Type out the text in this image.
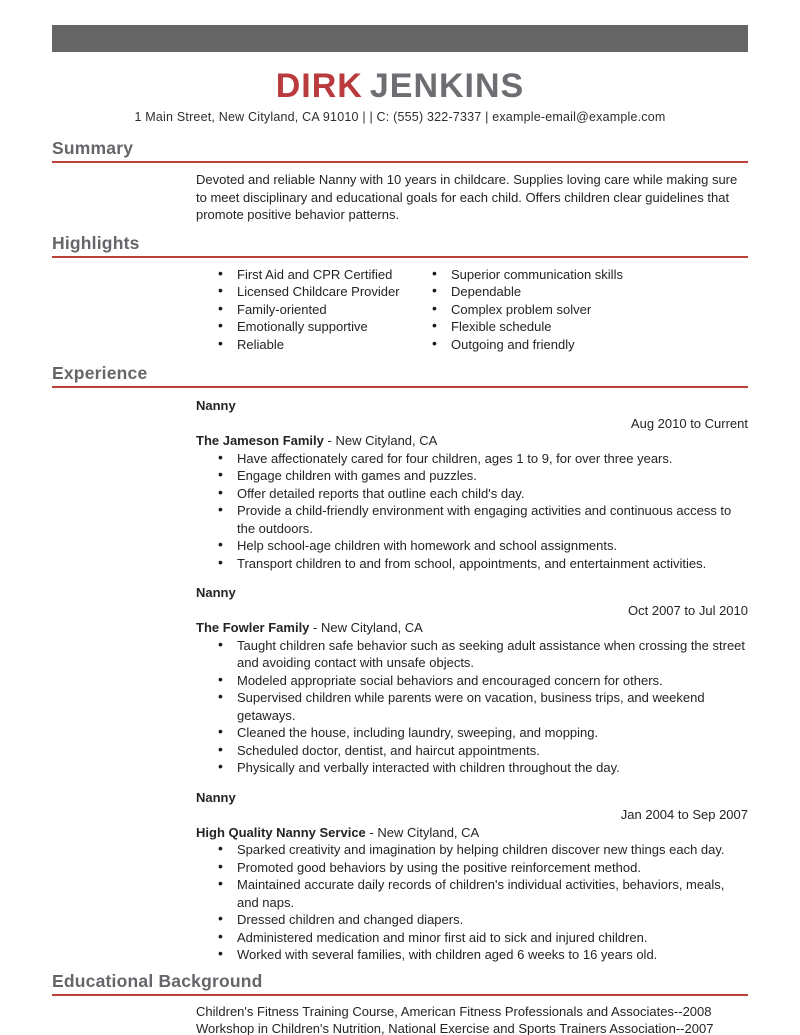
DIRK JENKINS
1 Main Street, New Cityland, CA 91010 | | C: (555) 322-7337 | example-email@example.com
Summary

Devoted and reliable Nanny with 10 years in childcare. Supplies loving care while making sure to meet disciplinary and educational goals for each child. Offers children clear guidelines that promote positive behavior patterns.

Highlights
• First Aid and CPR Certified
• Licensed Childcare Provider
• Family-oriented
• Emotionally supportive
• Reliable
• Superior communication skills
• Dependable
• Complex problem solver
• Flexible schedule
• Outgoing and friendly
Experience
Nanny
Aug 2010 to Current
The Jameson Family - New Cityland, CA
• Have affectionately cared for four children, ages 1 to 9, for over three years.
• Engage children with games and puzzles.
• Offer detailed reports that outline each child's day.
• Provide a child-friendly environment with engaging activities and continuous access to the outdoors.
• Help school-age children with homework and school assignments.
• Transport children to and from school, appointments, and entertainment activities.
Nanny
Oct 2007 to Jul 2010
The Fowler Family - New Cityland, CA
• Taught children safe behavior such as seeking adult assistance when crossing the street and avoiding contact with unsafe objects.
• Modeled appropriate social behaviors and encouraged concern for others.
• Supervised children while parents were on vacation, business trips, and weekend getaways.
• Cleaned the house, including laundry, sweeping, and mopping.
• Scheduled doctor, dentist, and haircut appointments.
• Physically and verbally interacted with children throughout the day.
Nanny
Jan 2004 to Sep 2007
High Quality Nanny Service - New Cityland, CA
• Sparked creativity and imagination by helping children discover new things each day.
• Promoted good behaviors by using the positive reinforcement method.
• Maintained accurate daily records of children's individual activities, behaviors, meals, and naps.
• Dressed children and changed diapers.
• Administered medication and minor first aid to sick and injured children.
• Worked with several families, with children aged 6 weeks to 16 years old.
Educational Background
Children's Fitness Training Course, American Fitness Professionals and Associates--2008
Workshop in Children's Nutrition, National Exercise and Sports Trainers Association--2007
